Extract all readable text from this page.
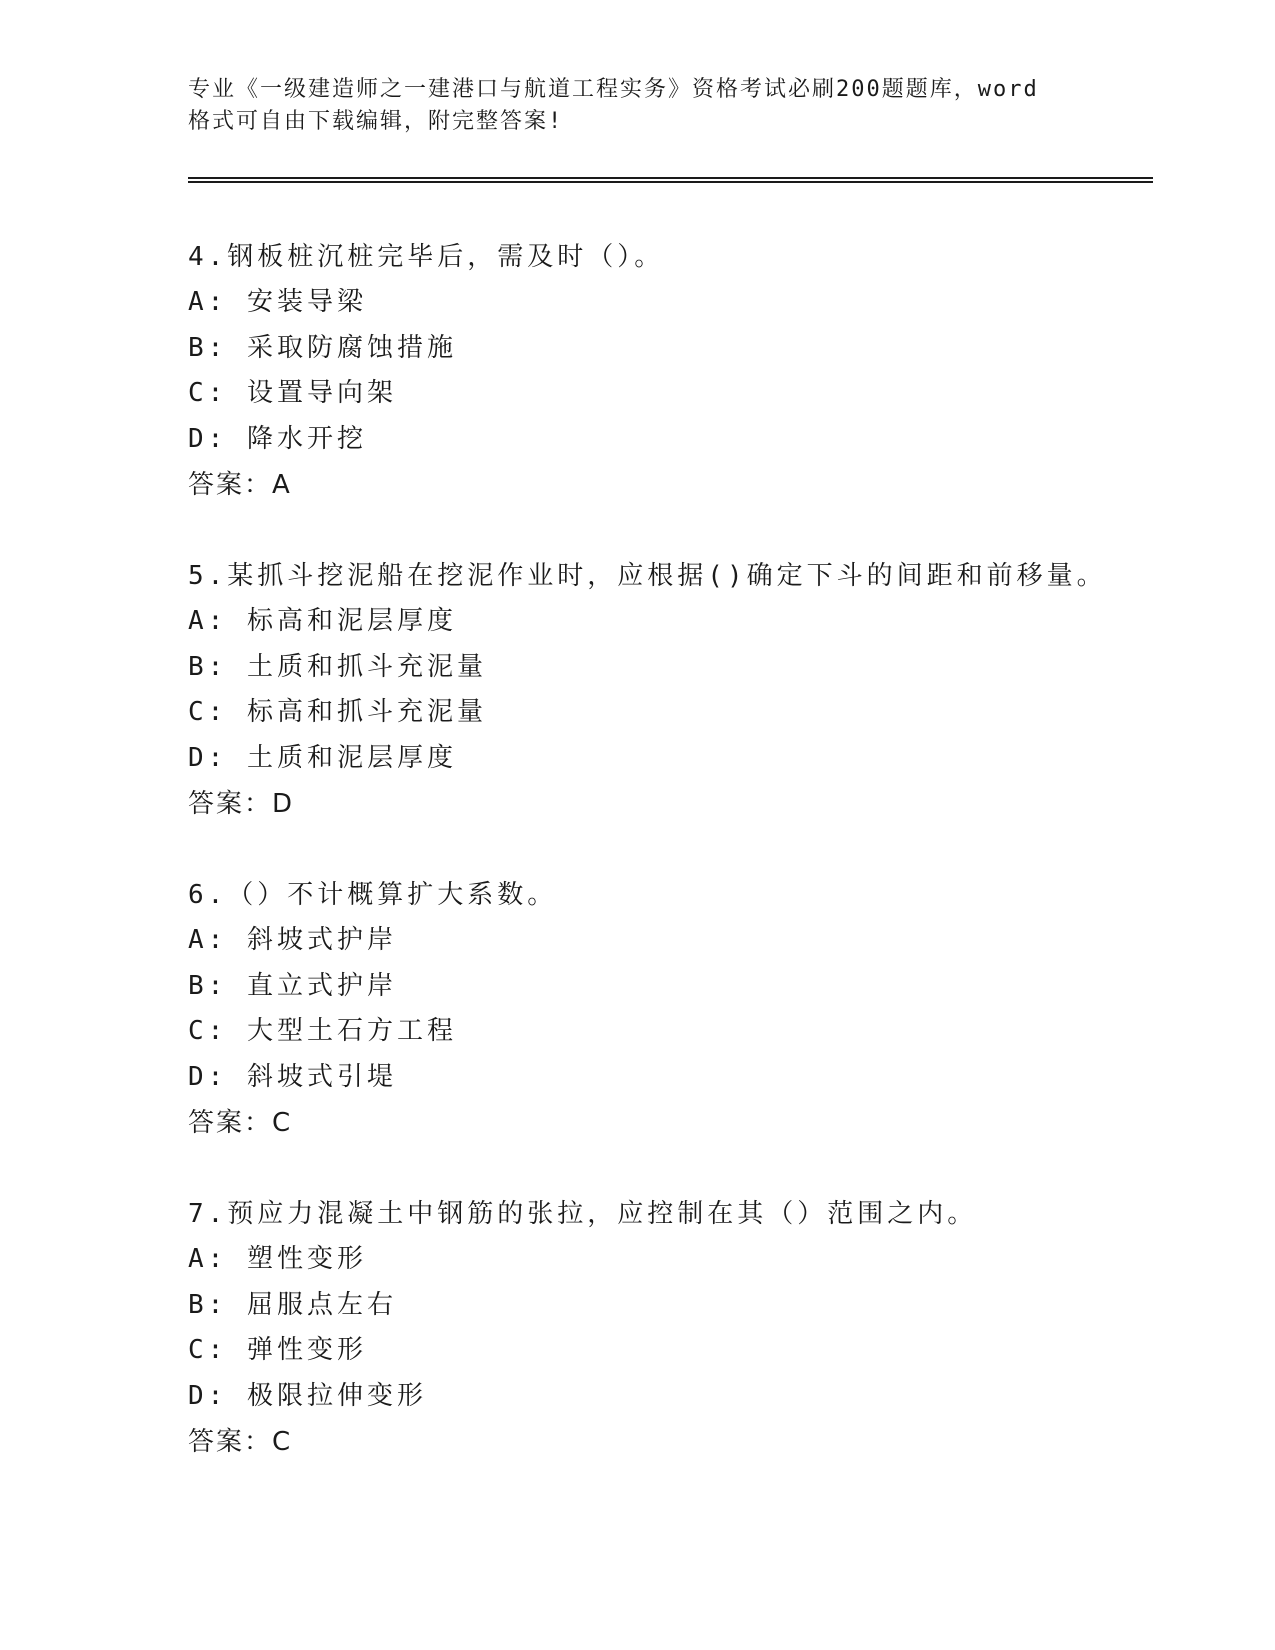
专业《一级建造师之一建港口与航道工程实务》资格考试必刷200题题库，word
格式可自由下载编辑，附完整答案!
4.钢板桩沉桩完毕后，需及时（）。
A: 安装导梁
B: 采取防腐蚀措施
C: 设置导向架
D: 降水开挖
答案：A
5.某抓斗挖泥船在挖泥作业时，应根据()确定下斗的间距和前移量。
A: 标高和泥层厚度
B: 土质和抓斗充泥量
C: 标高和抓斗充泥量
D: 土质和泥层厚度
答案：D
6.（）不计概算扩大系数。
A: 斜坡式护岸
B: 直立式护岸
C: 大型土石方工程
D: 斜坡式引堤
答案：C
7.预应力混凝土中钢筋的张拉，应控制在其（）范围之内。
A: 塑性变形
B: 屈服点左右
C: 弹性变形
D: 极限拉伸变形
答案：C
